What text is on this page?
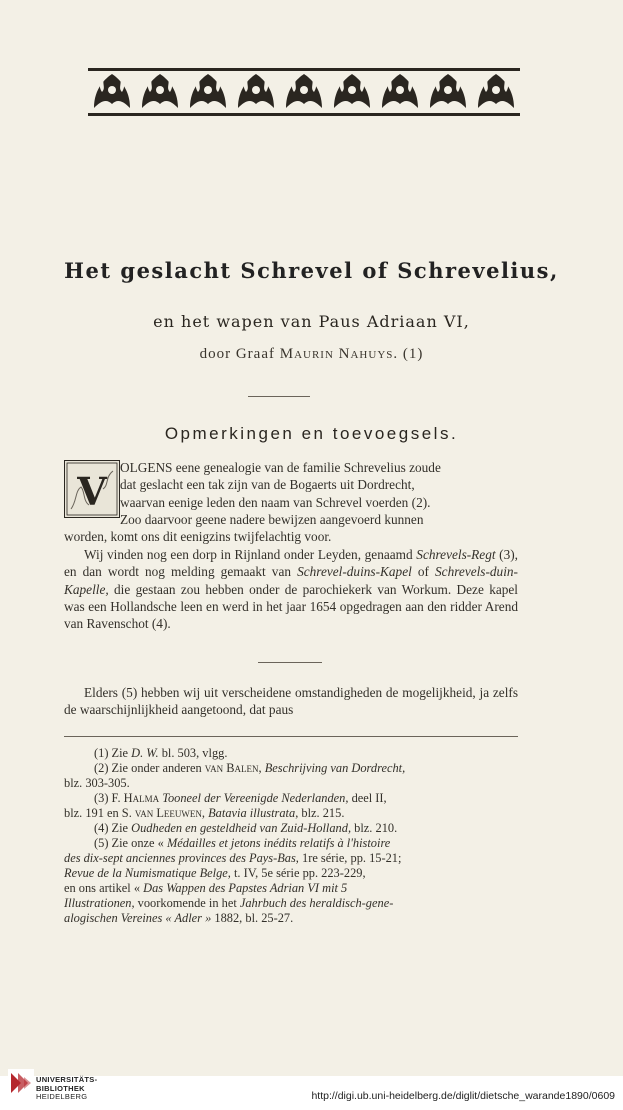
Het geslacht Schrevel of Schrevelius,
en het wapen van Paus Adriaan VI,
door Graaf Maurin Nahuys. (1)
Opmerkingen en toevoegsels.
V
OLGENS eene genealogie van de familie Schrevelius zoude
dat geslacht een tak zijn van de Bogaerts uit Dordrecht,
waarvan eenige leden den naam van Schrevel voerden (2).
Zoo daarvoor geene nadere bewijzen aangevoerd kunnen
worden, komt ons dit eenigzins twijfelachtig voor.
Wij vinden nog een dorp in Rijnland onder Leyden, genaamd Schrevels-Regt (3), en dan wordt nog melding gemaakt van Schrevel-duins-Kapel of Schrevels-duin-Kapelle, die gestaan zou hebben onder de parochiekerk van Workum. Deze kapel was een Hollandsche leen en werd in het jaar 1654 opgedragen aan den ridder Arend van Ravenschot (4).
Elders (5) hebben wij uit verscheidene omstandigheden de mogelijkheid, ja zelfs de waarschijnlijkheid aangetoond, dat paus
(1) Zie D. W. bl. 503, vlgg.
(2) Zie onder anderen van Balen, Beschrijving van Dordrecht,
blz. 303-305.
(3) F. Halma Tooneel der Vereenigde Nederlanden, deel II,
blz. 191 en S. van Leeuwen, Batavia illustrata, blz. 215.
(4) Zie Oudheden en gesteldheid van Zuid-Holland, blz. 210.
(5) Zie onze « Médailles et jetons inédits relatifs à l'histoire
des dix-sept anciennes provinces des Pays-Bas, 1re série, pp. 15-21;
Revue de la Numismatique Belge, t. IV, 5e série pp. 223-229,
en ons artikel « Das Wappen des Papstes Adrian VI mit 5
Illustrationen, voorkomende in het Jahrbuch des heraldisch-gene-
alogischen Vereines « Adler » 1882, bl. 25-27.
UNIVERSITÄTS-
BIBLIOTHEK
HEIDELBERG	http://digi.ub.uni-heidelberg.de/diglit/dietsche_warande1890/0609
